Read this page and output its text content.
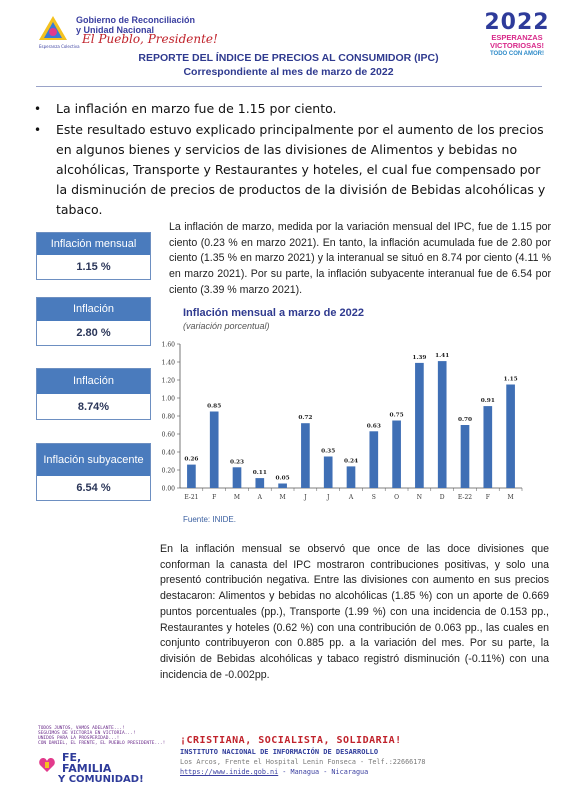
Esperanza Colectiva
Gobierno de Reconciliación
y Unidad Nacional
El Pueblo, Presidente!
2022
ESPERANZAS
VICTORIOSAS!
TODO CON AMOR!
REPORTE DEL ÍNDICE DE PRECIOS AL CONSUMIDOR (IPC)
Correspondiente al mes de marzo de 2022
• La inflación en marzo fue de 1.15 por ciento.
• Este resultado estuvo explicado principalmente por el aumento de los precios en algunos bienes y servicios de las divisiones de Alimentos y bebidas no alcohólicas, Transporte y Restaurantes y hoteles, el cual fue compensado por la disminución de precios de productos de la división de Bebidas alcohólicas y tabaco.
Inflación mensual
1.15 %
Inflación
2.80 %
Inflación
8.74%
Inflación subyacente
6.54 %
La inflación de marzo, medida por la variación mensual del IPC, fue de 1.15 por ciento (0.23 % en marzo 2021). En tanto, la inflación acumulada fue de 2.80 por ciento (1.35 % en marzo 2021) y la interanual se situó en 8.74 por ciento (4.11 % en marzo 2021). Por su parte, la inflación subyacente interanual fue de 6.54 por ciento (3.39 % marzo 2021).
Inflación mensual a marzo de 2022
(variación porcentual)
0.00
0.20
0.40
0.60
0.80
1.00
1.20
1.40
1.60
0.26
E-21
0.85
F
0.23
M
0.11
A
0.05
M
0.72
J
0.35
J
0.24
A
0.63
S
0.75
O
1.39
N
1.41
D
0.70
E-22
0.91
F
1.15
M
Fuente: INIDE.
En la inflación mensual se observó que once de las doce divisiones que conforman la canasta del IPC mostraron contribuciones positivas, y solo una presentó contribución negativa. Entre las divisiones con aumento en sus precios destacaron: Alimentos y bebidas no alcohólicas (1.85 %) con un aporte de 0.669 puntos porcentuales (pp.), Transporte (1.99 %) con una incidencia de 0.153 pp., Restaurantes y hoteles (0.62 %) con una contribución de 0.063 pp., las cuales en conjunto contribuyeron con 0.885 pp. a la variación del mes. Por su parte, la división de Bebidas alcohólicas y tabaco registró disminución (-0.11%) con una incidencia de -0.002pp.
TODOS JUNTOS, VAMOS ADELANTE...!
SEGUIMOS DE VICTORIA EN VICTORIA...!
UNIDOS PARA LA PROSPERIDAD...!
CON DANIEL, EL FRENTE, EL PUEBLO PRESIDENTE...!
FE,
FAMILIA
Y COMUNIDAD!
¡CRISTIANA, SOCIALISTA, SOLIDARIA!
INSTITUTO NACIONAL DE INFORMACIÓN DE DESARROLLO
Los Arcos, Frente el Hospital Lenin Fonseca - Telf.:22666178
https://www.inide.gob.ni - Managua - Nicaragua
